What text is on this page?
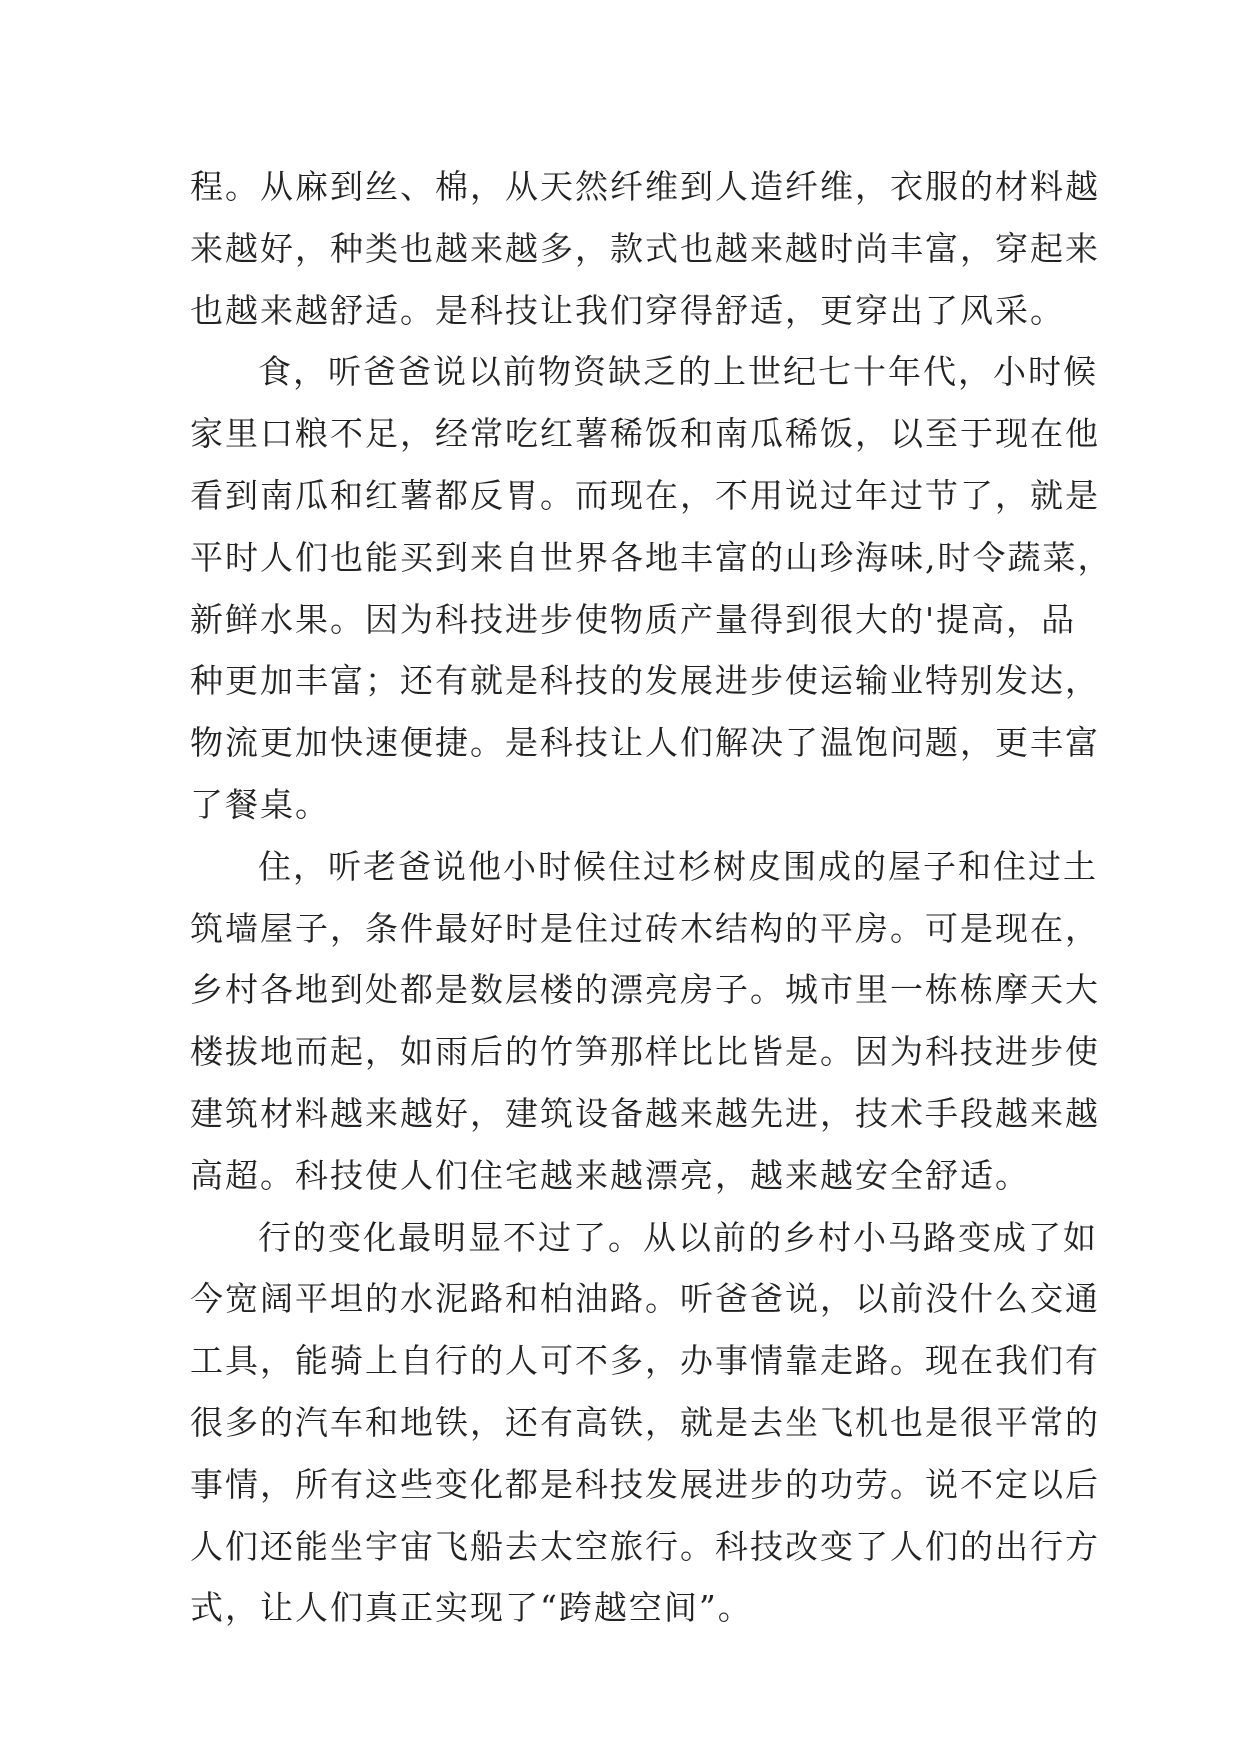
程。从麻到丝、棉，从天然纤维到人造纤维，衣服的材料越
来越好，种类也越来越多，款式也越来越时尚丰富，穿起来
也越来越舒适。是科技让我们穿得舒适，更穿出了风采。
食，听爸爸说以前物资缺乏的上世纪七十年代，小时候
家里口粮不足，经常吃红薯稀饭和南瓜稀饭，以至于现在他
看到南瓜和红薯都反胃。而现在，不用说过年过节了，就是
平时人们也能买到来自世界各地丰富的山珍海味,时令蔬菜，
新鲜水果。因为科技进步使物质产量得到很大的'提高，品
种更加丰富；还有就是科技的发展进步使运输业特别发达，
物流更加快速便捷。是科技让人们解决了温饱问题，更丰富
了餐桌。
住，听老爸说他小时候住过杉树皮围成的屋子和住过土
筑墙屋子，条件最好时是住过砖木结构的平房。可是现在，
乡村各地到处都是数层楼的漂亮房子。城市里一栋栋摩天大
楼拔地而起，如雨后的竹笋那样比比皆是。因为科技进步使
建筑材料越来越好，建筑设备越来越先进，技术手段越来越
高超。科技使人们住宅越来越漂亮，越来越安全舒适。
行的变化最明显不过了。从以前的乡村小马路变成了如
今宽阔平坦的水泥路和柏油路。听爸爸说，以前没什么交通
工具，能骑上自行的人可不多，办事情靠走路。现在我们有
很多的汽车和地铁，还有高铁，就是去坐飞机也是很平常的
事情，所有这些变化都是科技发展进步的功劳。说不定以后
人们还能坐宇宙飞船去太空旅行。科技改变了人们的出行方
式，让人们真正实现了“跨越空间”。
